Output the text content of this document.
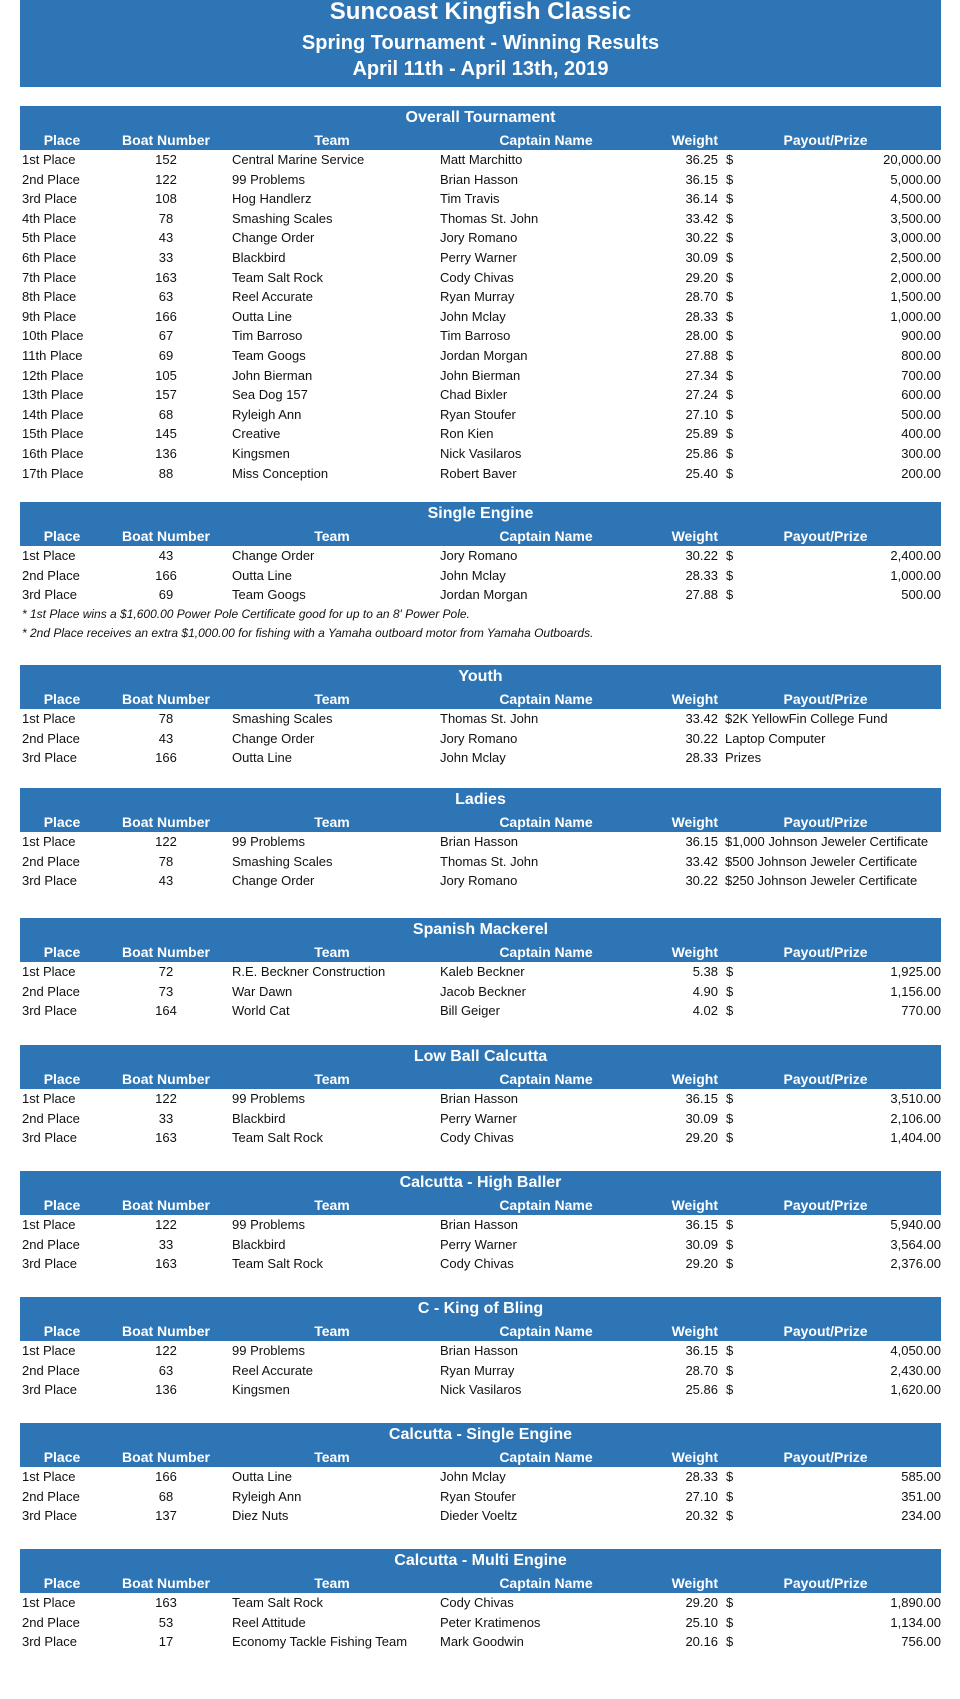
Suncoast Kingfish Classic
Spring Tournament - Winning Results
April 11th - April 13th, 2019
Overall Tournament
Place	Boat Number	Team	Captain Name	Weight	Payout/Prize
1st Place	152	Central Marine Service	Matt Marchitto	36.25 $	20,000.00
2nd Place	122	99 Problems	Brian Hasson	36.15 $	5,000.00
3rd Place	108	Hog Handlerz	Tim Travis	36.14 $	4,500.00
4th Place	78	Smashing Scales	Thomas St. John	33.42 $	3,500.00
5th Place	43	Change Order	Jory Romano	30.22 $	3,000.00
6th Place	33	Blackbird	Perry Warner	30.09 $	2,500.00
7th Place	163	Team Salt Rock	Cody Chivas	29.20 $	2,000.00
8th Place	63	Reel Accurate	Ryan Murray	28.70 $	1,500.00
9th Place	166	Outta Line	John Mclay	28.33 $	1,000.00
10th Place	67	Tim Barroso	Tim Barroso	28.00 $	900.00
11th Place	69	Team Googs	Jordan Morgan	27.88 $	800.00
12th Place	105	John Bierman	John Bierman	27.34 $	700.00
13th Place	157	Sea Dog 157	Chad Bixler	27.24 $	600.00
14th Place	68	Ryleigh Ann	Ryan Stoufer	27.10 $	500.00
15th Place	145	Creative	Ron Kien	25.89 $	400.00
16th Place	136	Kingsmen	Nick Vasilaros	25.86 $	300.00
17th Place	88	Miss Conception	Robert Baver	25.40 $	200.00
Single Engine
Place	Boat Number	Team	Captain Name	Weight	Payout/Prize
1st Place	43	Change Order	Jory Romano	30.22 $	2,400.00
2nd Place	166	Outta Line	John Mclay	28.33 $	1,000.00
3rd Place	69	Team Googs	Jordan Morgan	27.88 $	500.00
* 1st Place wins a $1,600.00 Power Pole Certificate good for up to an 8' Power Pole.
* 2nd Place receives an extra $1,000.00 for fishing with a Yamaha outboard motor from Yamaha Outboards.
Youth
Place	Boat Number	Team	Captain Name	Weight	Payout/Prize
1st Place	78	Smashing Scales	Thomas St. John	33.42 $2K YellowFin College Fund
2nd Place	43	Change Order	Jory Romano	30.22 Laptop Computer
3rd Place	166	Outta Line	John Mclay	28.33 Prizes
Ladies
Place	Boat Number	Team	Captain Name	Weight	Payout/Prize
1st Place	122	99 Problems	Brian Hasson	36.15 $1,000 Johnson Jeweler Certificate
2nd Place	78	Smashing Scales	Thomas St. John	33.42 $500 Johnson Jeweler Certificate
3rd Place	43	Change Order	Jory Romano	30.22 $250 Johnson Jeweler Certificate
Spanish Mackerel
Place	Boat Number	Team	Captain Name	Weight	Payout/Prize
1st Place	72	R.E. Beckner Construction	Kaleb Beckner	5.38 $	1,925.00
2nd Place	73	War Dawn	Jacob Beckner	4.90 $	1,156.00
3rd Place	164	World Cat	Bill Geiger	4.02 $	770.00
Low Ball Calcutta
Place	Boat Number	Team	Captain Name	Weight	Payout/Prize
1st Place	122	99 Problems	Brian Hasson	36.15 $	3,510.00
2nd Place	33	Blackbird	Perry Warner	30.09 $	2,106.00
3rd Place	163	Team Salt Rock	Cody Chivas	29.20 $	1,404.00
Calcutta - High Baller
Place	Boat Number	Team	Captain Name	Weight	Payout/Prize
1st Place	122	99 Problems	Brian Hasson	36.15 $	5,940.00
2nd Place	33	Blackbird	Perry Warner	30.09 $	3,564.00
3rd Place	163	Team Salt Rock	Cody Chivas	29.20 $	2,376.00
C - King of Bling
Place	Boat Number	Team	Captain Name	Weight	Payout/Prize
1st Place	122	99 Problems	Brian Hasson	36.15 $	4,050.00
2nd Place	63	Reel Accurate	Ryan Murray	28.70 $	2,430.00
3rd Place	136	Kingsmen	Nick Vasilaros	25.86 $	1,620.00
Calcutta - Single Engine
Place	Boat Number	Team	Captain Name	Weight	Payout/Prize
1st Place	166	Outta Line	John Mclay	28.33 $	585.00
2nd Place	68	Ryleigh Ann	Ryan Stoufer	27.10 $	351.00
3rd Place	137	Diez Nuts	Dieder Voeltz	20.32 $	234.00
Calcutta - Multi Engine
Place	Boat Number	Team	Captain Name	Weight	Payout/Prize
1st Place	163	Team Salt Rock	Cody Chivas	29.20 $	1,890.00
2nd Place	53	Reel Attitude	Peter Kratimenos	25.10 $	1,134.00
3rd Place	17	Economy Tackle Fishing Team	Mark Goodwin	20.16 $	756.00
